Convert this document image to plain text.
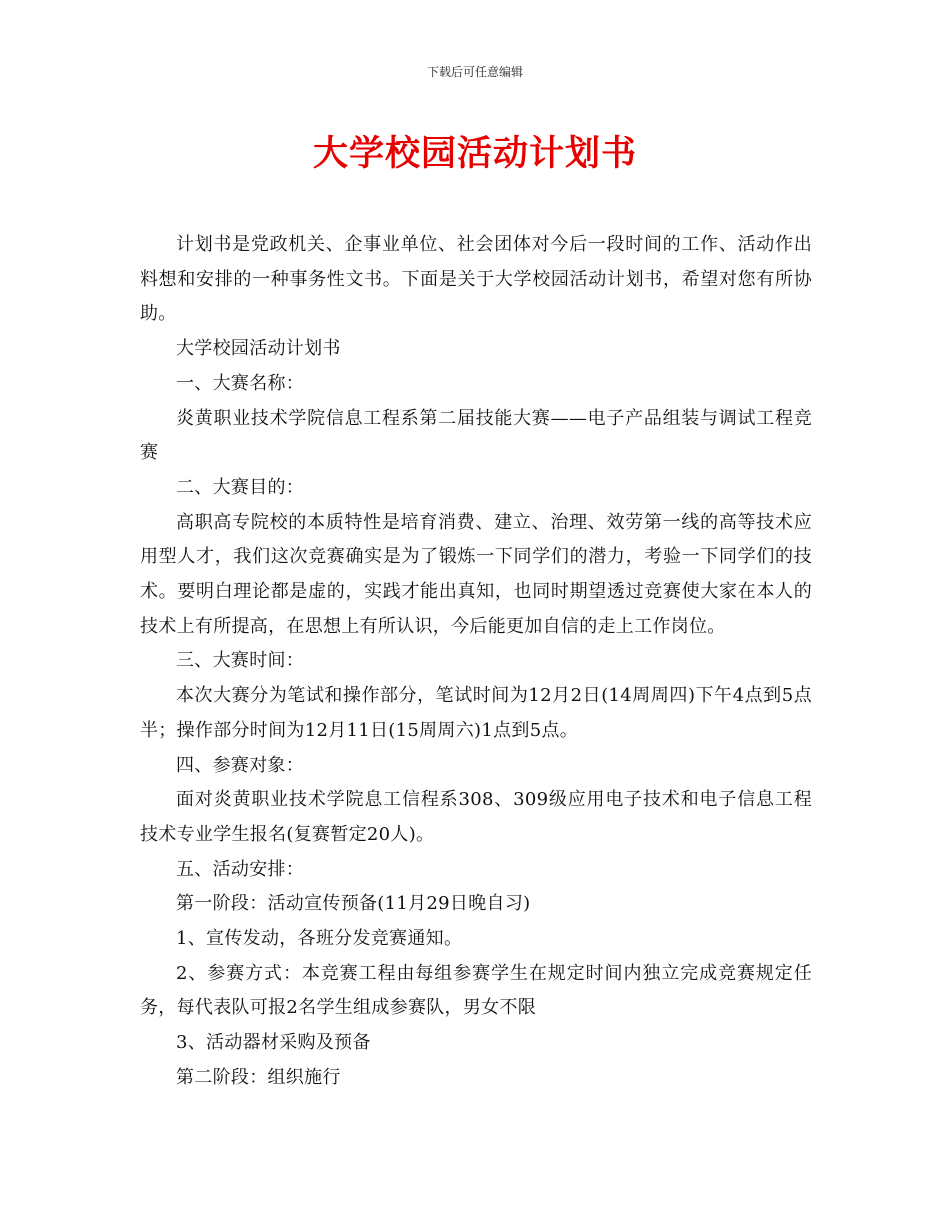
下载后可任意编辑
大学校园活动计划书

计划书是党政机关、企事业单位、社会团体对今后一段时间的工作、活动作出料想和安排的一种事务性文书。下面是关于大学校园活动计划书，希望对您有所协助。

大学校园活动计划书

一、大赛名称：

炎黄职业技术学院信息工程系第二届技能大赛——电子产品组装与调试工程竞赛

二、大赛目的：

高职高专院校的本质特性是培育消费、建立、治理、效劳第一线的高等技术应用型人才，我们这次竞赛确实是为了锻炼一下同学们的潜力，考验一下同学们的技术。要明白理论都是虚的，实践才能出真知，也同时期望透过竞赛使大家在本人的技术上有所提高，在思想上有所认识，今后能更加自信的走上工作岗位。

三、大赛时间：

本次大赛分为笔试和操作部分，笔试时间为12月2日(14周周四)下午4点到5点半；操作部分时间为12月11日(15周周六)1点到5点。

四、参赛对象：

面对炎黄职业技术学院息工信程系308、309级应用电子技术和电子信息工程技术专业学生报名(复赛暂定20人)。

五、活动安排：

第一阶段：活动宣传预备(11月29日晚自习)

1、宣传发动，各班分发竞赛通知。

2、参赛方式：本竞赛工程由每组参赛学生在规定时间内独立完成竞赛规定任务，每代表队可报2名学生组成参赛队，男女不限

3、活动器材采购及预备

第二阶段：组织施行
